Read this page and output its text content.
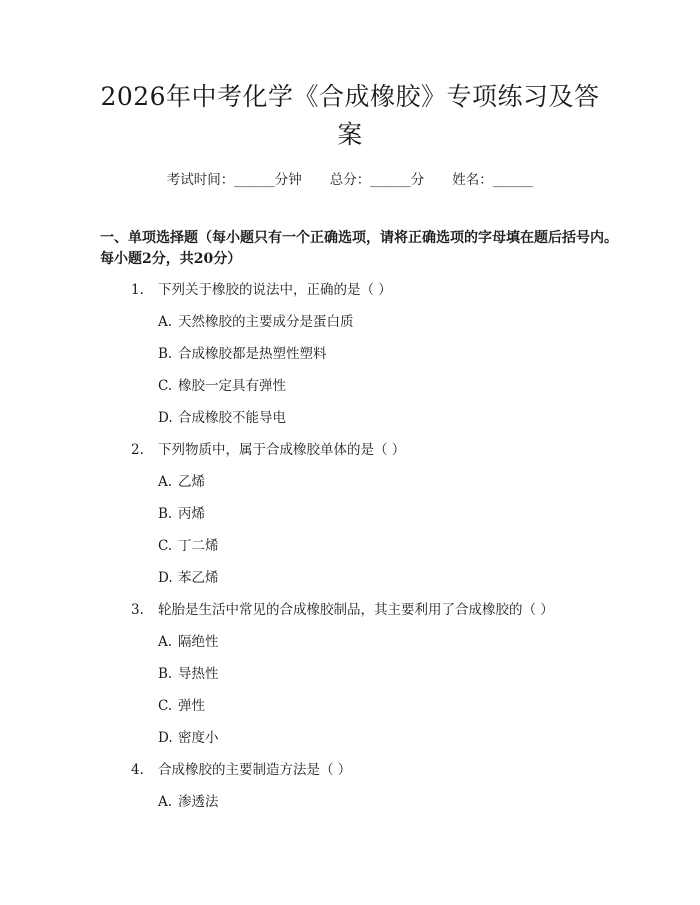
2026年中考化学《合成橡胶》专项练习及答案
考试时间：______分钟 总分：______分 姓名：______
一、单项选择题（每小题只有一个正确选项，请将正确选项的字母填在题后括号内。每小题2分，共20分）
1. 下列关于橡胶的说法中，正确的是（ ）
A. 天然橡胶的主要成分是蛋白质
B. 合成橡胶都是热塑性塑料
C. 橡胶一定具有弹性
D. 合成橡胶不能导电
2. 下列物质中，属于合成橡胶单体的是（ ）
A. 乙烯
B. 丙烯
C. 丁二烯
D. 苯乙烯
3. 轮胎是生活中常见的合成橡胶制品，其主要利用了合成橡胶的（ ）
A. 隔绝性
B. 导热性
C. 弹性
D. 密度小
4. 合成橡胶的主要制造方法是（ ）
A. 渗透法
